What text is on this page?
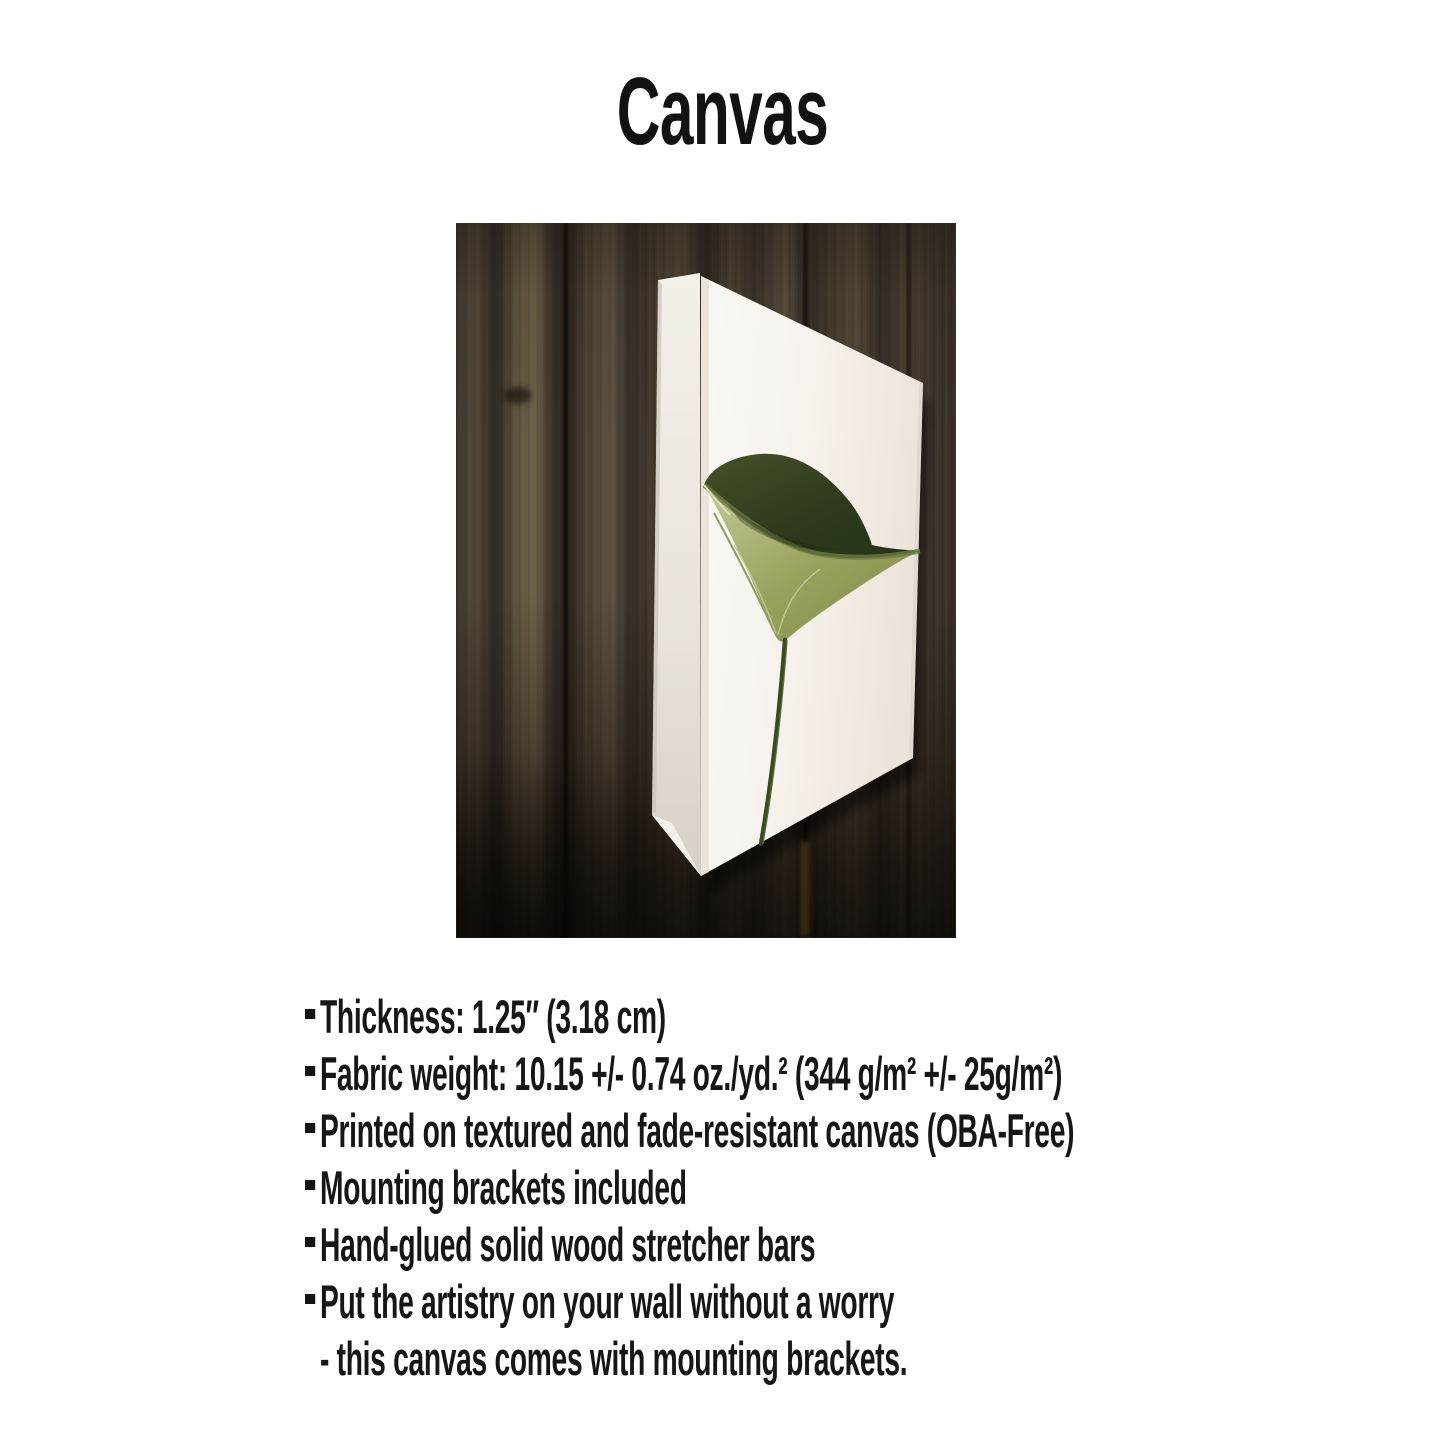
Canvas
Thickness: 1.25″ (3.18 cm)
Fabric weight: 10.15 +/- 0.74 oz./yd.² (344 g/m² +/- 25g/m²)
Printed on textured and fade-resistant canvas (OBA-Free)
Mounting brackets included
Hand-glued solid wood stretcher bars
Put the artistry on your wall without a worry
- this canvas comes with mounting brackets.
